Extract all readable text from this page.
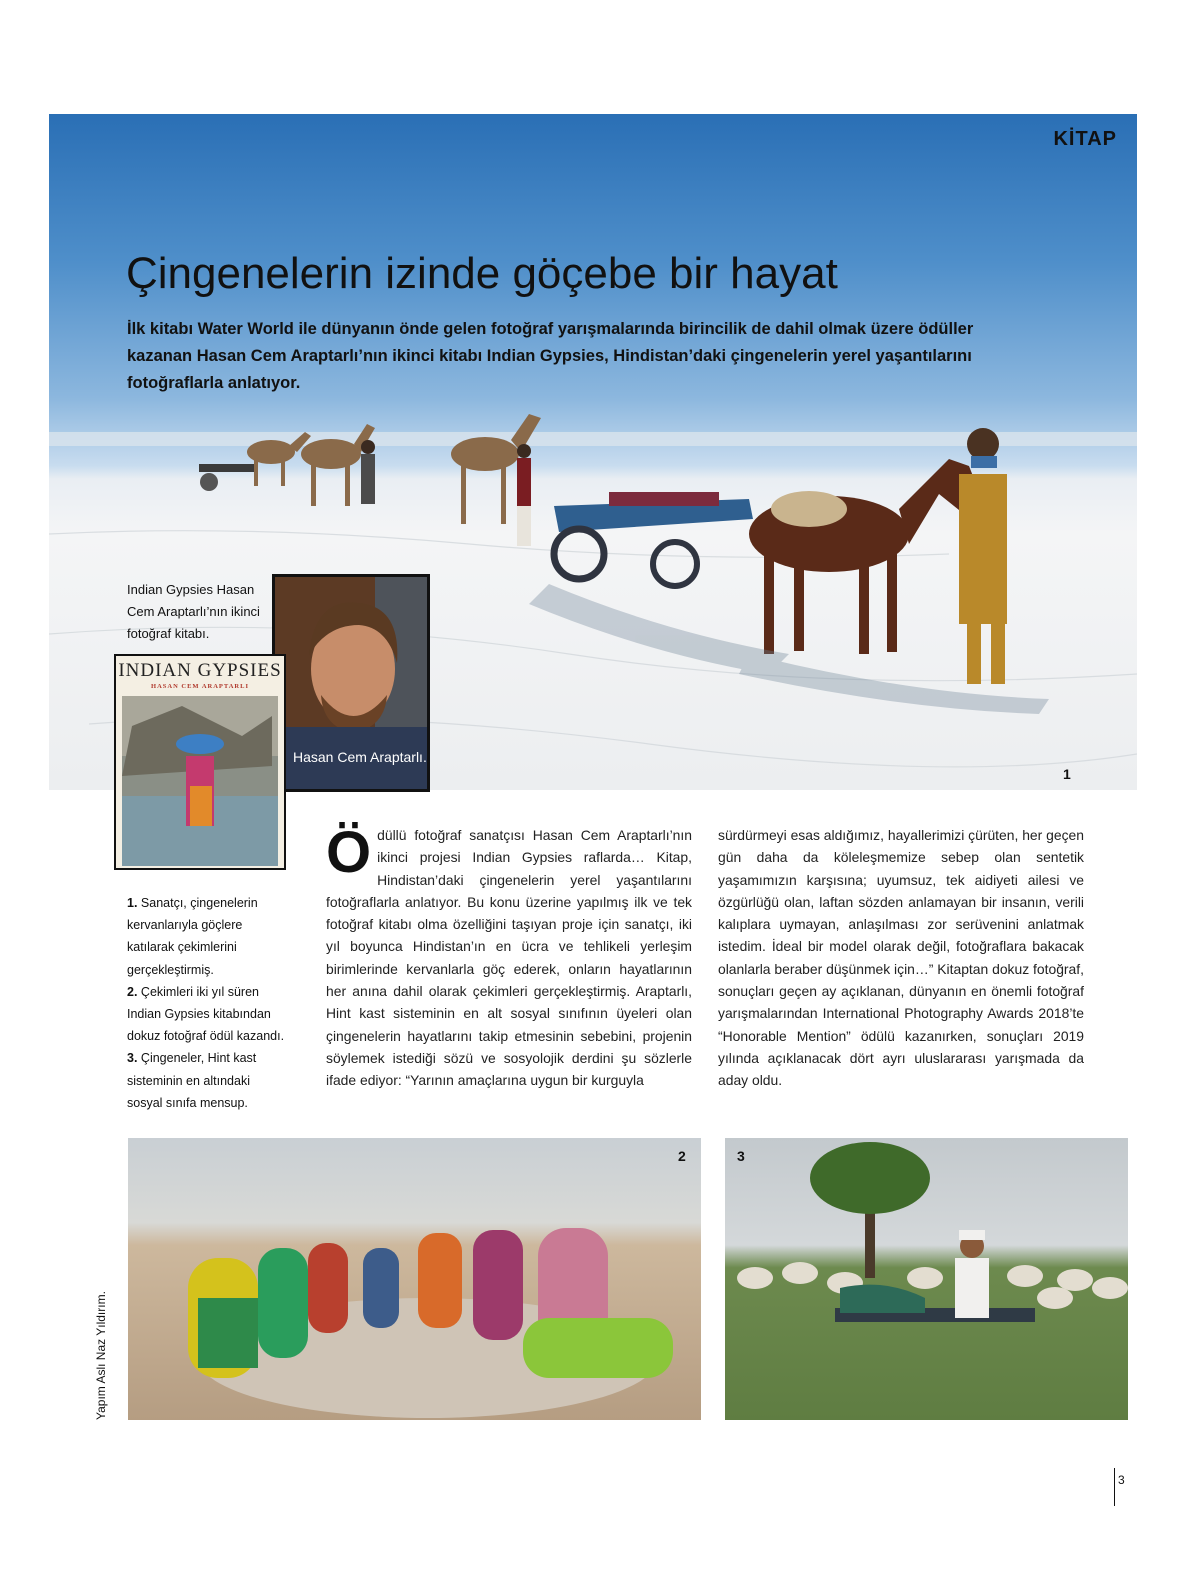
KİTAP
Çingenelerin izinde göçebe bir hayat

İlk kitabı Water World ile dünyanın önde gelen fotoğraf yarışmalarında birincilik de dahil olmak üzere ödüller kazanan Hasan Cem Araptarlı’nın ikinci kitabı Indian Gypsies, Hindistan’daki çingenelerin yerel yaşantılarını fotoğraflarla anlatıyor.

1
Indian Gypsies Hasan Cem Araptarlı’nın ikinci fotoğraf kitabı.
Hasan Cem Araptarlı.
INDIAN GYPSIES
HASAN CEM ARAPTARLI
1. Sanatçı, çingenelerin kervanlarıyla göçlere katılarak çekimlerini gerçekleştirmiş.
2. Çekimleri iki yıl süren Indian Gypsies kitabından dokuz fotoğraf ödül kazandı.
3. Çingeneler, Hint kast sisteminin en altındaki sosyal sınıfa mensup.
Ödüllü fotoğraf sanatçısı Hasan Cem Araptarlı’nın ikinci projesi Indian Gypsies raflarda… Kitap, Hindistan’daki çingenelerin yerel yaşantılarını fotoğraflarla anlatıyor. Bu konu üzerine yapılmış ilk ve tek fotoğraf kitabı olma özelliğini taşıyan proje için sanatçı, iki yıl boyunca Hindistan’ın en ücra ve tehlikeli yerleşim birimlerinde kervanlarla göç ederek, onların hayatlarının her anına dahil olarak çekimleri gerçekleştirmiş. Araptarlı, Hint kast sisteminin en alt sosyal sınıfının üyeleri olan çingenelerin hayatlarını takip etmesinin sebebini, projenin söylemek istediği sözü ve sosyolojik derdini şu sözlerle ifade ediyor: “Yarının amaçlarına uygun bir kurguyla
sürdürmeyi esas aldığımız, hayallerimizi çürüten, her geçen gün daha da köleleşmemize sebep olan sentetik yaşamımızın karşısına; uyumsuz, tek aidiyeti ailesi ve özgürlüğü olan, laftan sözden anlamayan bir insanın, verili kalıplara uymayan, anlaşılması zor serüvenini anlatmak istedim. İdeal bir model olarak değil, fotoğraflara bakacak olanlarla beraber düşünmek için…” Kitaptan dokuz fotoğraf, sonuçları geçen ay açıklanan, dünyanın en önemli fotoğraf yarışmalarından International Photography Awards 2018’te “Honorable Mention” ödülü kazanırken, sonuçları 2019 yılında açıklanacak dört ayrı uluslararası yarışmada da aday oldu.
2	3
Yapım Aslı Naz Yıldırım.
3
